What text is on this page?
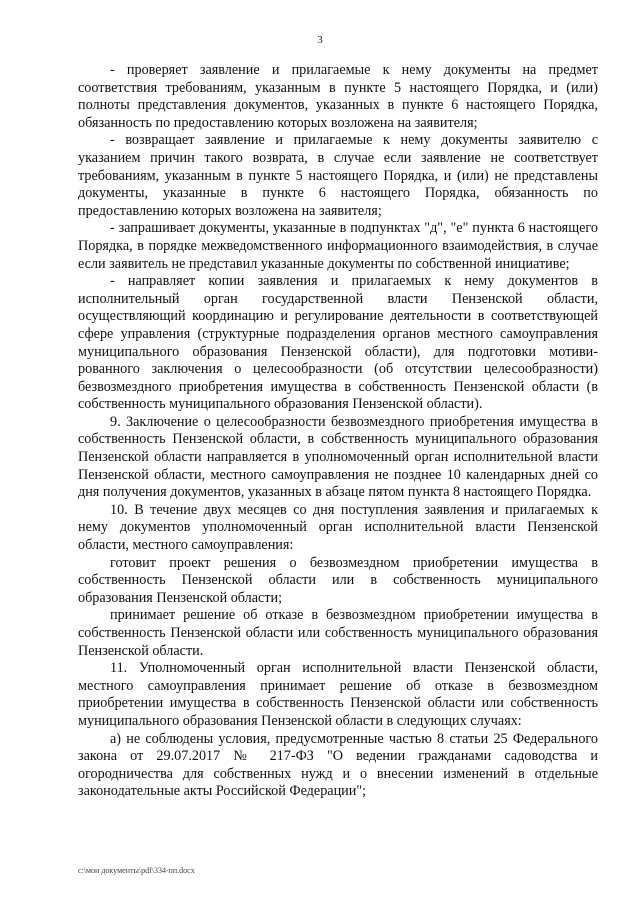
3

- проверяет заявление и прилагаемые к нему документы на предмет соответствия требованиям, указанным в пункте 5 настоящего Порядка, и (или) полноты представления документов, указанных в пункте 6 настоящего Порядка, обязанность по предоставлению которых возложена на заявителя;

- возвращает заявление и прилагаемые к нему документы заявителю с указанием причин такого возврата, в случае если заявление не соответствует требованиям, указанным в пункте 5 настоящего Порядка, и (или) не представлены документы, указанные в пункте 6 настоящего Порядка, обязанность по предоставлению которых возложена на заявителя;

- запрашивает документы, указанные в подпунктах "д", "е" пункта 6 настоящего Порядка, в порядке межведомственного информационного взаимодействия, в случае если заявитель не представил указанные документы по собственной инициативе;

- направляет копии заявления и прилагаемых к нему документов в исполнительный орган государственной власти Пензенской области, осуществляющий координацию и регулирование деятельности в соответствующей сфере управления (структурные подразделения органов местного самоуправления муниципального образования Пензенской области), для подготовки мотиви-рованного заключения о целесообразности (об отсутствии целесообразности) безвозмездного приобретения имущества в собственность Пензенской области (в собственность муниципального образования Пензенской области).

9. Заключение о целесообразности безвозмездного приобретения имущества в собственность Пензенской области, в собственность муниципального образования Пензенской области направляется в уполномоченный орган исполнительной власти Пензенской области, местного самоуправления не позднее 10 календарных дней со дня получения документов, указанных в абзаце пятом пункта 8 настоящего Порядка.

10. В течение двух месяцев со дня поступления заявления и прилагаемых к нему документов уполномоченный орган исполнительной власти Пензенской области, местного самоуправления:

готовит проект решения о безвозмездном приобретении имущества в собственность Пензенской области или в собственность муниципального образования Пензенской области;

принимает решение об отказе в безвозмездном приобретении имущества в собственность Пензенской области или собственность муниципального образования Пензенской области.

11. Уполномоченный орган исполнительной власти Пензенской области, местного самоуправления принимает решение об отказе в безвозмездном приобретении имущества в собственность Пензенской области или собственность муниципального образования Пензенской области в следующих случаях:

а) не соблюдены условия, предусмотренные частью 8 статьи 25 Федерального закона от 29.07.2017 № 217-ФЗ "О ведении гражданами садоводства и огородничества для собственных нужд и о внесении изменений в отдельные законодательные акты Российской Федерации";

c:\мои документы\pdf\334-пп.docx
